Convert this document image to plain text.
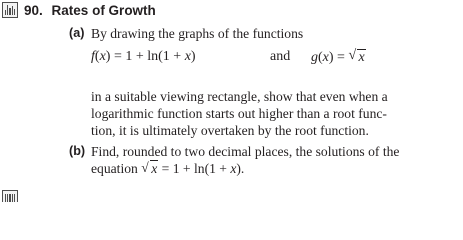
90. Rates of Growth
(a) By drawing the graphs of the functions
f(x) = 1 + ln(1 + x)	and g(x) = √ x
in a suitable viewing rectangle, show that even when a
logarithmic function starts out higher than a root func-
tion, it is ultimately overtaken by the root function.
(b) Find, rounded to two decimal places, the solutions of the
equation √ x = 1 + ln(1 + x).
